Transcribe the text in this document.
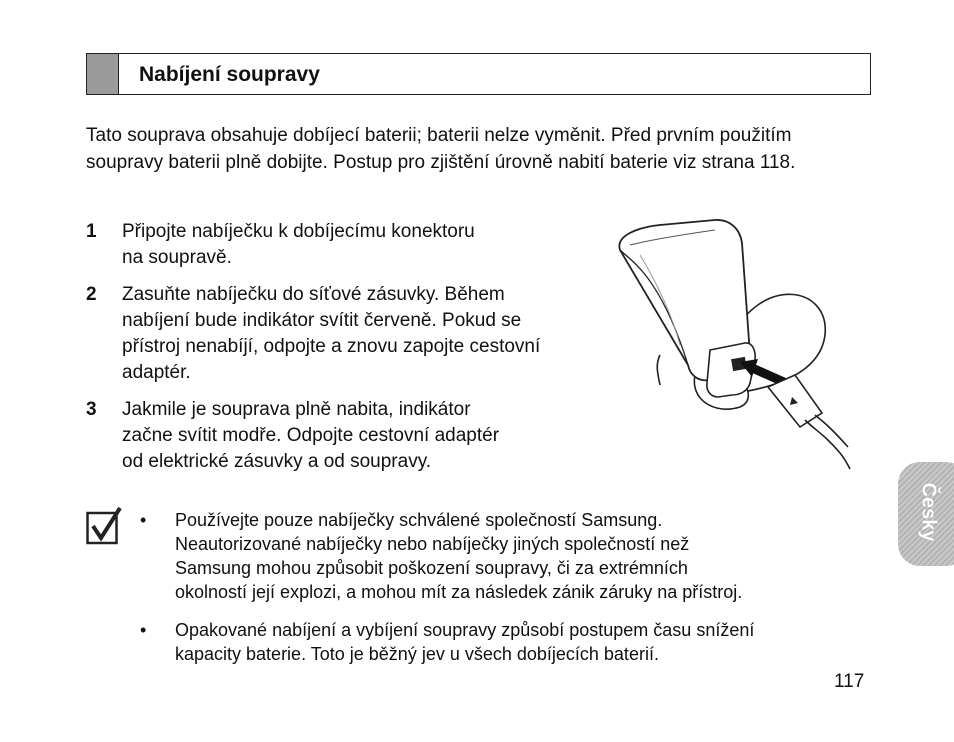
Nabíjení soupravy
Tato souprava obsahuje dobíjecí baterii; baterii nelze vyměnit. Před prvním použitím soupravy baterii plně dobijte. Postup pro zjištění úrovně nabití baterie viz strana 118.
1 Připojte nabíječku k dobíjecímu konektoru
na soupravě.
2 Zasuňte nabíječku do síťové zásuvky. Během
nabíjení bude indikátor svítit červeně. Pokud se
přístroj nenabíjí, odpojte a znovu zapojte cestovní
adaptér.
3 Jakmile je souprava plně nabita, indikátor
začne svítit modře. Odpojte cestovní adaptér
od elektrické zásuvky a od soupravy.
• Používejte pouze nabíječky schválené společností Samsung.
Neautorizované nabíječky nebo nabíječky jiných společností než
Samsung mohou způsobit poškození soupravy, či za extrémních
okolností její explozi, a mohou mít za následek zánik záruky na přístroj.
• Opakované nabíjení a vybíjení soupravy způsobí postupem času snížení
kapacity baterie. Toto je běžný jev u všech dobíjecích baterií.
Česky
117
